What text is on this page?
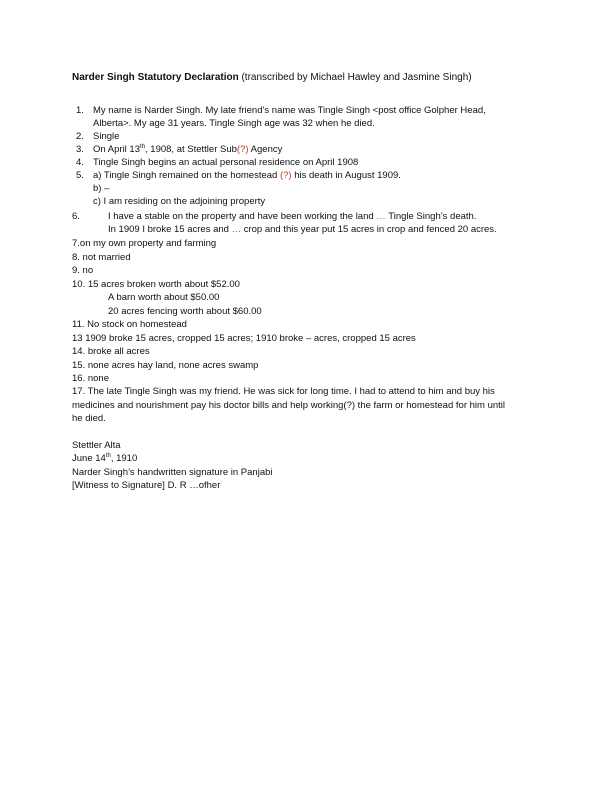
Narder Singh Statutory Declaration (transcribed by Michael Hawley and Jasmine Singh)
1. My name is Narder Singh. My late friend’s name was Tingle Singh <post office Golpher Head,
Alberta>. My age 31 years. Tingle Singh age was 32 when he died.
2. Single
3. On April 13th, 1908, at Stettler Sub(?) Agency
4. Tingle Singh begins an actual personal residence on April 1908
5. a) Tingle Singh remained on the homestead (?) his death in August 1909.
b) –
c) I am residing on the adjoining property
6.	I have a stable on the property and have been working the land … Tingle Singh’s death.
In 1909 I broke 15 acres and … crop and this year put 15 acres in crop and fenced 20 acres.
7.on my own property and farming
8. not married
9. no
10. 15 acres broken worth about $52.00
A barn worth about $50.00
20 acres fencing worth about $60.00
11. No stock on homestead
13 1909 broke 15 acres, cropped 15 acres; 1910 broke – acres, cropped 15 acres
14. broke all acres
15. none acres hay land, none acres swamp
16. none
17. The late Tingle Singh was my friend. He was sick for long time. I had to attend to him and buy his
medicines and nourishment pay his doctor bills and help working(?) the farm or homestead for him until
he died.
Stettler Alta
June 14th, 1910
Narder Singh’s handwritten signature in Panjabi
[Witness to Signature] D. R …ofher
